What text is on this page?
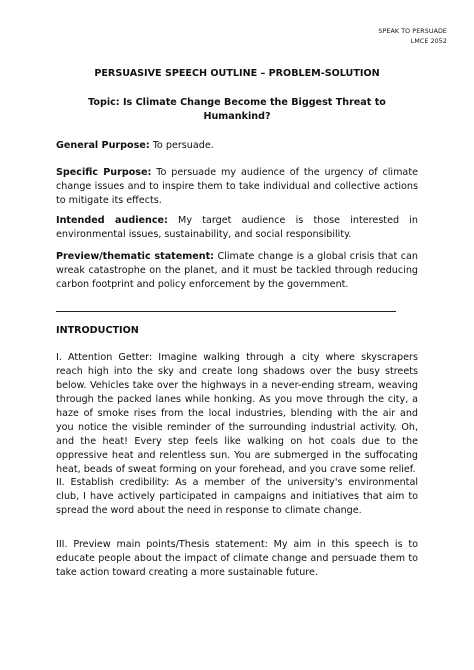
SPEAK TO PERSUADE
LMCE 2052
PERSUASIVE SPEECH OUTLINE – PROBLEM-SOLUTION
Topic: Is Climate Change Become the Biggest Threat to Humankind?
General Purpose: To persuade.
Specific Purpose: To persuade my audience of the urgency of climate change issues and to inspire them to take individual and collective actions to mitigate its effects.
Intended audience: My target audience is those interested in environmental issues, sustainability, and social responsibility.
Preview/thematic statement: Climate change is a global crisis that can wreak catastrophe on the planet, and it must be tackled through reducing carbon footprint and policy enforcement by the government.
INTRODUCTION
I. Attention Getter: Imagine walking through a city where skyscrapers reach high into the sky and create long shadows over the busy streets below. Vehicles take over the highways in a never-ending stream, weaving through the packed lanes while honking. As you move through the city, a haze of smoke rises from the local industries, blending with the air and you notice the visible reminder of the surrounding industrial activity. Oh, and the heat! Every step feels like walking on hot coals due to the oppressive heat and relentless sun. You are submerged in the suffocating heat, beads of sweat forming on your forehead, and you crave some relief.
II. Establish credibility: As a member of the university's environmental club, I have actively participated in campaigns and initiatives that aim to spread the word about the need in response to climate change.
III. Preview main points/Thesis statement: My aim in this speech is to educate people about the impact of climate change and persuade them to take action toward creating a more sustainable future.
